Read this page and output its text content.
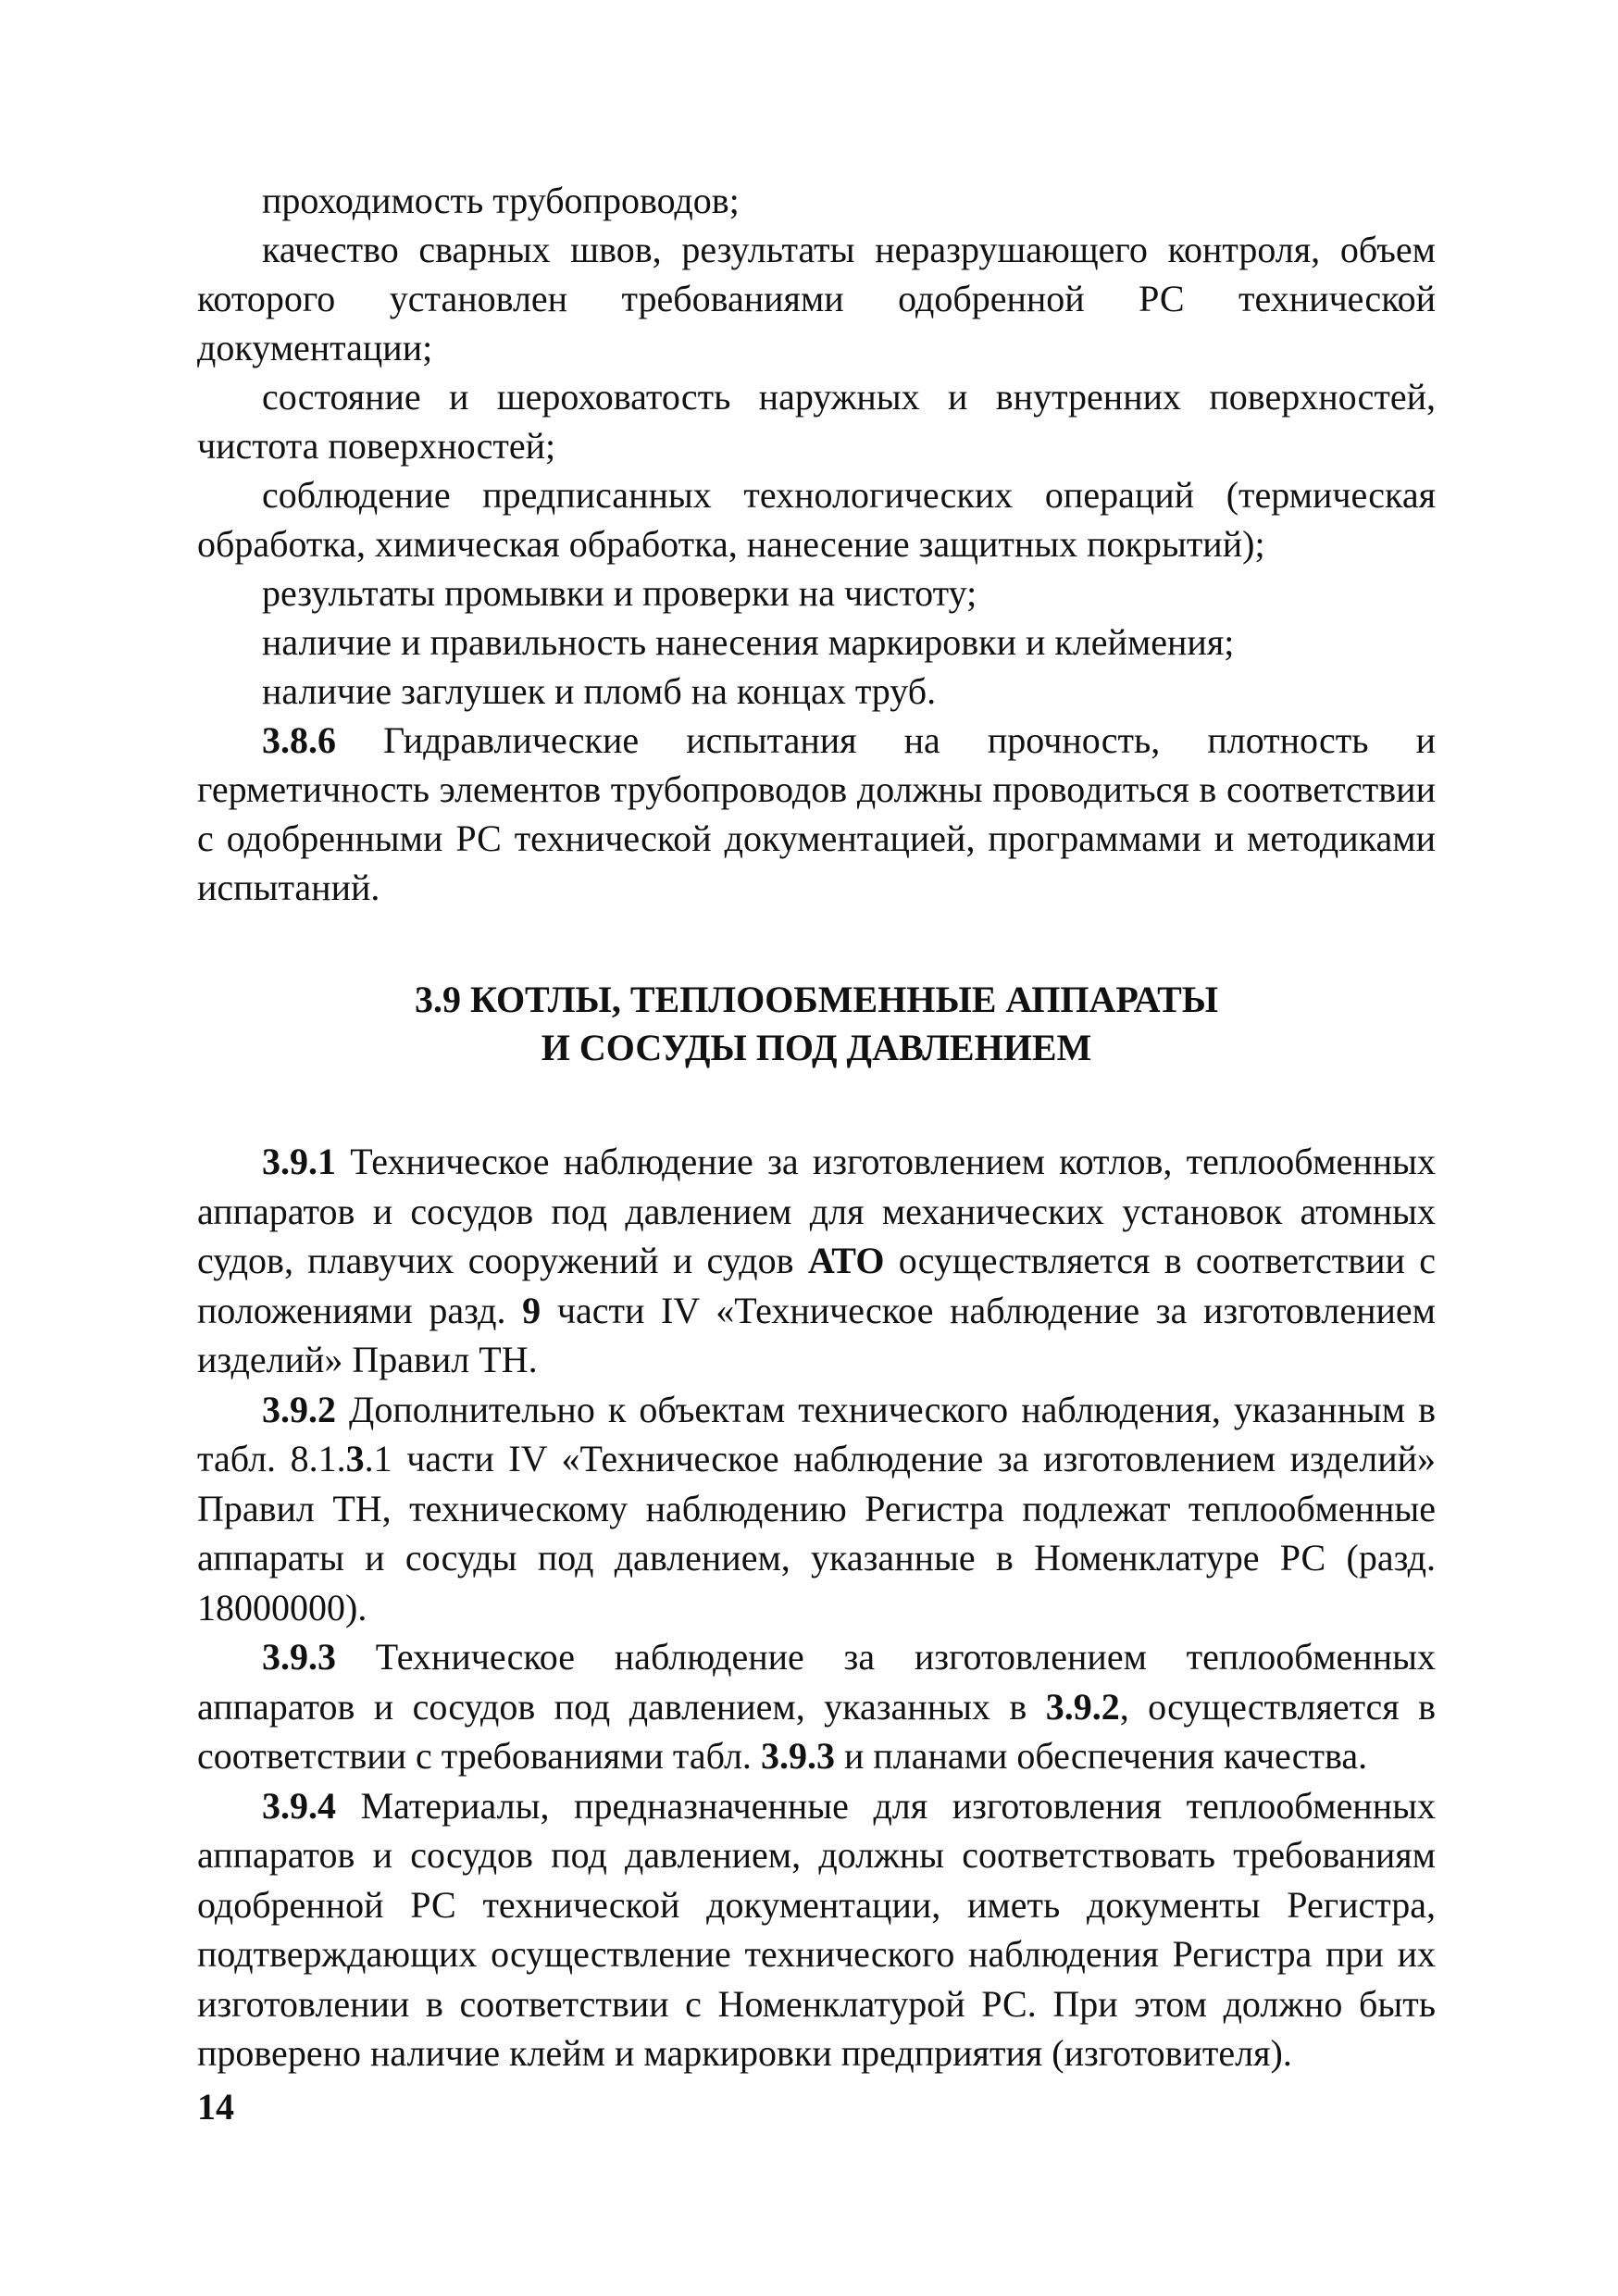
проходимость трубопроводов;

качество сварных швов, результаты неразрушающего контроля, объем которого установлен требованиями одобренной РС технической документации;

состояние и шероховатость наружных и внутренних поверхностей, чистота поверхностей;

соблюдение предписанных технологических операций (термическая обработка, химическая обработка, нанесение защитных покрытий);

результаты промывки и проверки на чистоту;

наличие и правильность нанесения маркировки и клеймения;

наличие заглушек и пломб на концах труб.

3.8.6 Гидравлические испытания на прочность, плотность и герметичность элементов трубопроводов должны проводиться в соответствии с одобренными РС технической документацией, программами и методиками испытаний.

3.9 КОТЛЫ, ТЕПЛООБМЕННЫЕ АППАРАТЫ

И СОСУДЫ ПОД ДАВЛЕНИЕМ

3.9.1 Техническое наблюдение за изготовлением котлов, теплообменных аппаратов и сосудов под давлением для механических установок атомных судов, плавучих сооружений и судов АТО осуществляется в соответствии с положениями разд. 9 части IV «Техническое наблюдение за изготовлением изделий» Правил ТН.

3.9.2 Дополнительно к объектам технического наблюдения, указанным в табл. 8.1.3.1 части IV «Техническое наблюдение за изготовлением изделий» Правил ТН, техническому наблюдению Регистра подлежат теплообменные аппараты и сосуды под давлением, указанные в Номенклатуре РС (разд. 18000000).

3.9.3 Техническое наблюдение за изготовлением теплообменных аппаратов и сосудов под давлением, указанных в 3.9.2, осуществляется в соответствии с требованиями табл. 3.9.3 и планами обеспечения качества.

3.9.4 Материалы, предназначенные для изготовления теплообменных аппаратов и сосудов под давлением, должны соответствовать требованиям одобренной РС технической документации, иметь документы Регистра, подтверждающих осуществление технического наблюдения Регистра при их изготовлении в соответствии с Номенклатурой РС. При этом должно быть проверено наличие клейм и маркировки предприятия (изготовителя).

14
